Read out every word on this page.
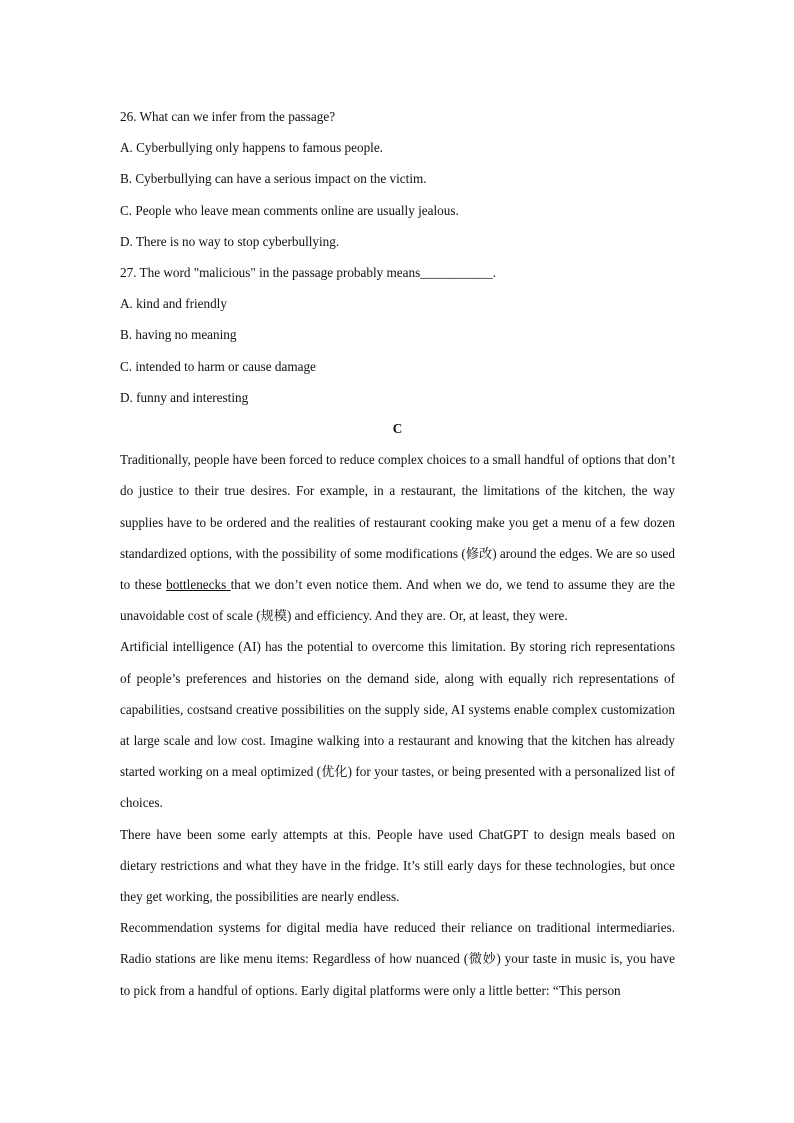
26. What can we infer from the passage?

A. Cyberbullying only happens to famous people.

B. Cyberbullying can have a serious impact on the victim.

C. People who leave mean comments online are usually jealous.

D. There is no way to stop cyberbullying.

27. The word "malicious" in the passage probably means___________.

A. kind and friendly

B. having no meaning

C. intended to harm or cause damage

D. funny and interesting

C

Traditionally, people have been forced to reduce complex choices to a small handful of options that don’t do justice to their true desires. For example, in a restaurant, the limitations of the kitchen, the way supplies have to be ordered and the realities of restaurant cooking make you get a menu of a few dozen standardized options, with the possibility of some modifications (修改) around the edges. We are so used to these bottlenecks that we don’t even notice them. And when we do, we tend to assume they are the unavoidable cost of scale (规模) and efficiency. And they are. Or, at least, they were.

Artificial intelligence (AI) has the potential to overcome this limitation. By storing rich representations of people’s preferences and histories on the demand side, along with equally rich representations of capabilities, costsand creative possibilities on the supply side, AI systems enable complex customization at large scale and low cost. Imagine walking into a restaurant and knowing that the kitchen has already started working on a meal optimized (优化) for your tastes, or being presented with a personalized list of choices.

There have been some early attempts at this. People have used ChatGPT to design meals based on dietary restrictions and what they have in the fridge. It’s still early days for these technologies, but once they get working, the possibilities are nearly endless.

Recommendation systems for digital media have reduced their reliance on traditional intermediaries. Radio stations are like menu items: Regardless of how nuanced (微妙) your taste in music is, you have to pick from a handful of options. Early digital platforms were only a little better: “This person
